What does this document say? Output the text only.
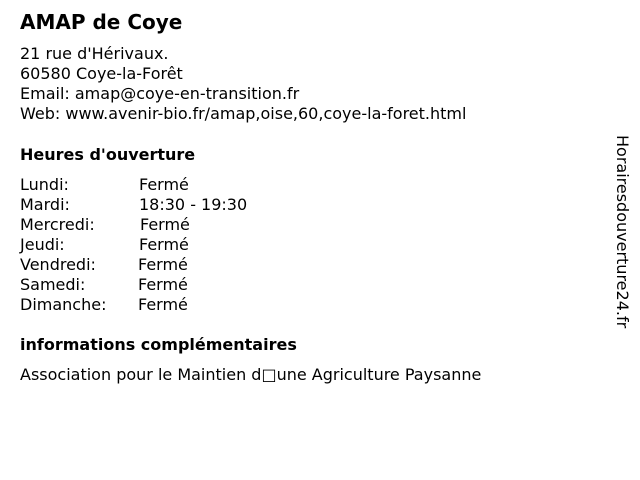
AMAP de Coye
21 rue d'Hérivaux.
60580 Coye-la-Forêt
Email: amap@coye-en-transition.fr
Web: www.avenir-bio.fr/amap,oise,60,coye-la-foret.html
Heures d'ouverture
Lundi:	Fermé
Mardi:	18:30 - 19:30
Mercredi:	Fermé
Jeudi:	Fermé
Vendredi:	Fermé
Samedi:	Fermé
Dimanche: Fermé
informations complémentaires
Association pour le Maintien d□une Agriculture Paysanne
Horairesdouverture24.fr
